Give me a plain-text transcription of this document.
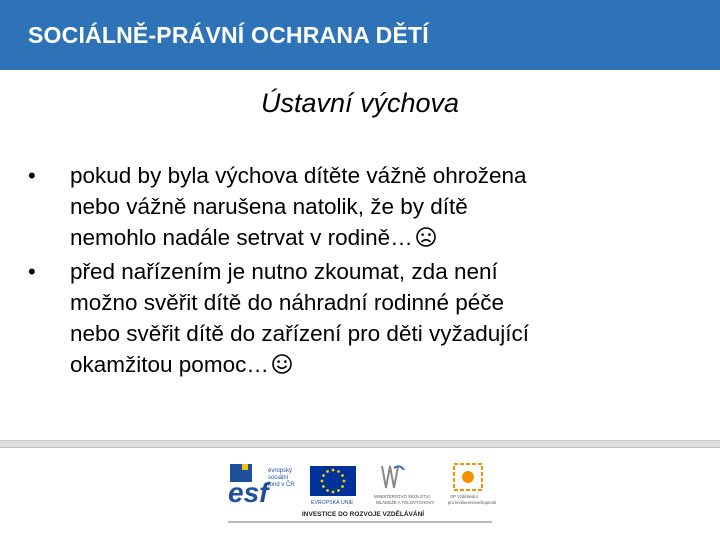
SOCIÁLNĚ-PRÁVNÍ OCHRANA DĚTÍ
Ústavní výchova
• pokud by byla výchova dítěte vážně ohrožena
nebo vážně narušena natolik, že by dítě
nemohlo nadále setrvat v rodině…
• před nařízením je nutno zkoumat, zda není
možno svěřit dítě do náhradní rodinné péče
nebo svěřit dítě do zařízení pro děti vyžadující
okamžitou pomoc…
esf
evropský
sociální
fond v ČR
EVROPSKÁ UNIE
MINISTERSTVO ŠKOLSTVÍ,
MLÁDEŽE A TĚLOVÝCHOVY
OP Vzdělávání
pro konkurenceschopnost
INVESTICE DO ROZVOJE VZDĚLÁVÁNÍ
